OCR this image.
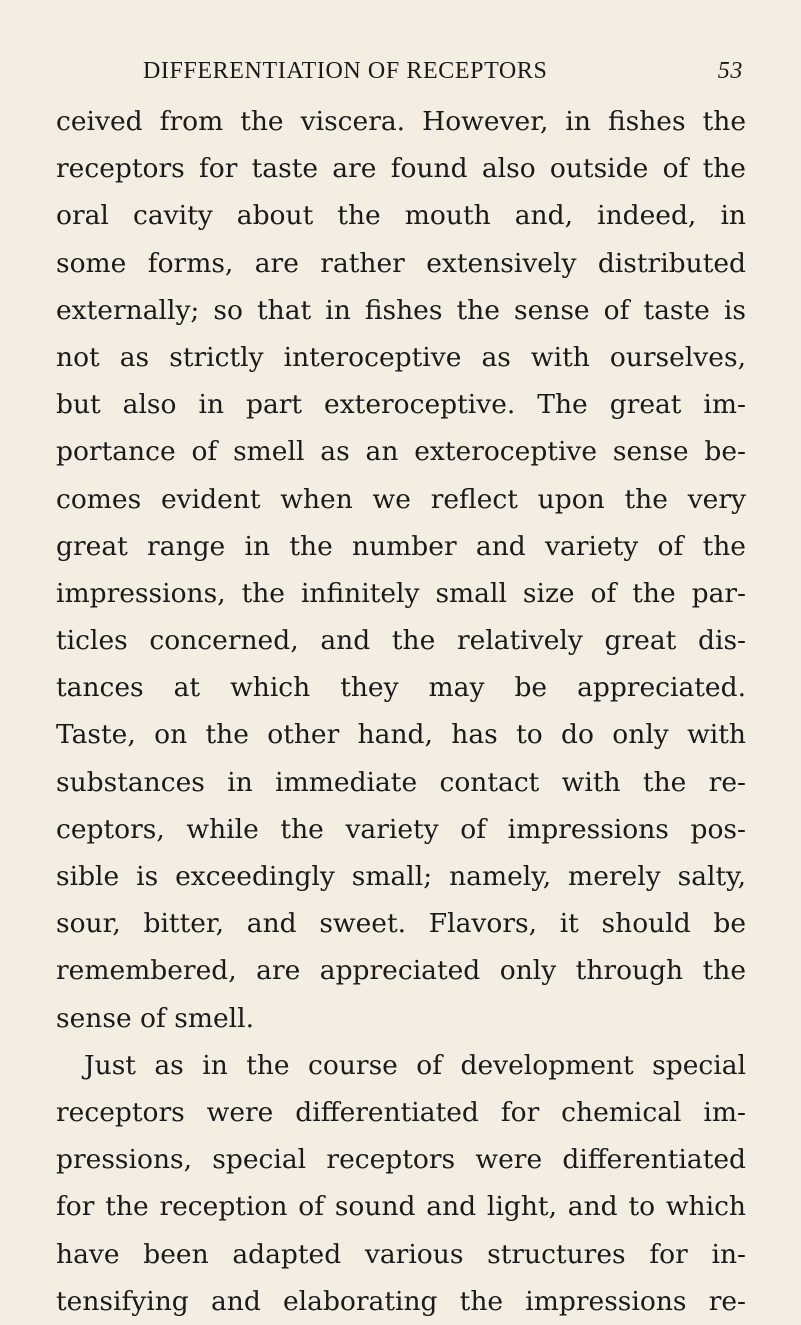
DIFFERENTIATION OF RECEPTORS	53
ceived from the viscera. However, in fishes the
receptors for taste are found also outside of the
oral cavity about the mouth and, indeed, in
some forms, are rather extensively distributed
externally; so that in fishes the sense of taste is
not as strictly interoceptive as with ourselves,
but also in part exteroceptive. The great im-
portance of smell as an exteroceptive sense be-
comes evident when we reflect upon the very
great range in the number and variety of the
impressions, the infinitely small size of the par-
ticles concerned, and the relatively great dis-
tances at which they may be appreciated.
Taste, on the other hand, has to do only with
substances in immediate contact with the re-
ceptors, while the variety of impressions pos-
sible is exceedingly small; namely, merely salty,
sour, bitter, and sweet. Flavors, it should be
remembered, are appreciated only through the
sense of smell.
Just as in the course of development special
receptors were differentiated for chemical im-
pressions, special receptors were differentiated
for the reception of sound and light, and to which
have been adapted various structures for in-
tensifying and elaborating the impressions re-
